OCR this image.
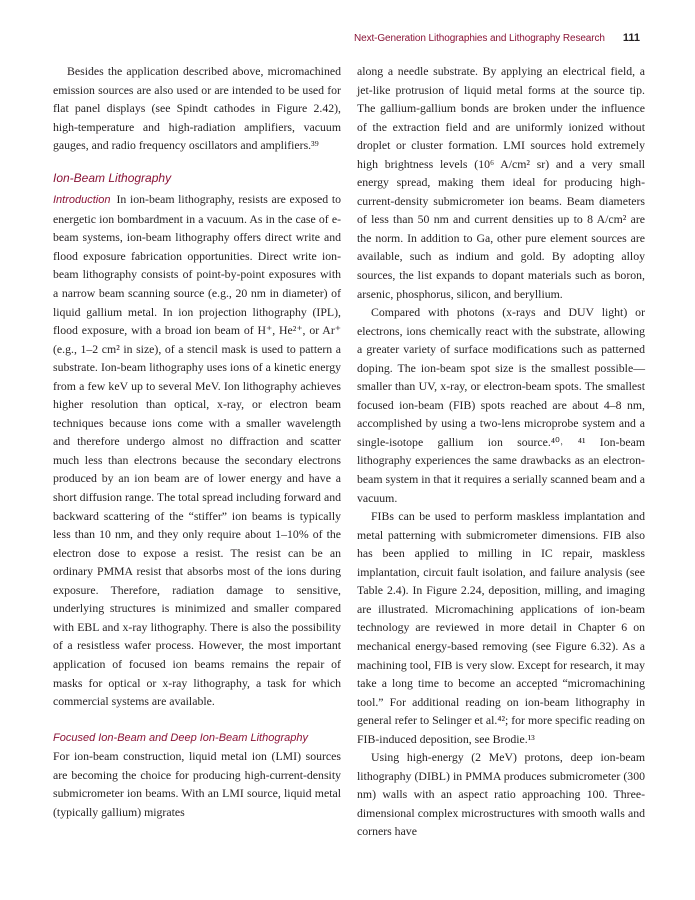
Next-Generation Lithographies and Lithography Research 111

Besides the application described above, micromachined emission sources are also used or are intended to be used for flat panel displays (see Spindt cathodes in Figure 2.42), high-temperature and high-radiation amplifiers, vacuum gauges, and radio frequency oscillators and amplifiers.³⁹

Ion-Beam Lithography

Introduction In ion-beam lithography, resists are exposed to energetic ion bombardment in a vacuum. As in the case of e-beam systems, ion-beam lithography offers direct write and flood exposure fabrication opportunities. Direct write ion-beam lithography consists of point-by-point exposures with a narrow beam scanning source (e.g., 20 nm in diameter) of liquid gallium metal. In ion projection lithography (IPL), flood exposure, with a broad ion beam of H⁺, He²⁺, or Ar⁺ (e.g., 1–2 cm² in size), of a stencil mask is used to pattern a substrate. Ion-beam lithography uses ions of a kinetic energy from a few keV up to several MeV. Ion lithography achieves higher resolution than optical, x-ray, or electron beam techniques because ions come with a smaller wavelength and therefore undergo almost no diffraction and scatter much less than electrons because the secondary electrons produced by an ion beam are of lower energy and have a short diffusion range. The total spread including forward and backward scattering of the “stiffer” ion beams is typically less than 10 nm, and they only require about 1–10% of the electron dose to expose a resist. The resist can be an ordinary PMMA resist that absorbs most of the ions during exposure. Therefore, radiation damage to sensitive, underlying structures is minimized and smaller compared with EBL and x-ray lithography. There is also the possibility of a resistless wafer process. However, the most important application of focused ion beams remains the repair of masks for optical or x-ray lithography, a task for which commercial systems are available.

Focused Ion-Beam and Deep Ion-Beam Lithography

For ion-beam construction, liquid metal ion (LMI) sources are becoming the choice for producing high-current-density submicrometer ion beams. With an LMI source, liquid metal (typically gallium) migrates

along a needle substrate. By applying an electrical field, a jet-like protrusion of liquid metal forms at the source tip. The gallium-gallium bonds are broken under the influence of the extraction field and are uniformly ionized without droplet or cluster formation. LMI sources hold extremely high brightness levels (10⁶ A/cm² sr) and a very small energy spread, making them ideal for producing high-current-density submicrometer ion beams. Beam diameters of less than 50 nm and current densities up to 8 A/cm² are the norm. In addition to Ga, other pure element sources are available, such as indium and gold. By adopting alloy sources, the list expands to dopant materials such as boron, arsenic, phosphorus, silicon, and beryllium.

Compared with photons (x-rays and DUV light) or electrons, ions chemically react with the substrate, allowing a greater variety of surface modifications such as patterned doping. The ion-beam spot size is the smallest possible—smaller than UV, x-ray, or electron-beam spots. The smallest focused ion-beam (FIB) spots reached are about 4–8 nm, accomplished by using a two-lens microprobe system and a single-isotope gallium ion source.⁴⁰˒ ⁴¹ Ion-beam lithography experiences the same drawbacks as an electron-beam system in that it requires a serially scanned beam and a vacuum.

FIBs can be used to perform maskless implantation and metal patterning with submicrometer dimensions. FIB also has been applied to milling in IC repair, maskless implantation, circuit fault isolation, and failure analysis (see Table 2.4). In Figure 2.24, deposition, milling, and imaging are illustrated. Micromachining applications of ion-beam technology are reviewed in more detail in Chapter 6 on mechanical energy-based removing (see Figure 6.32). As a machining tool, FIB is very slow. Except for research, it may take a long time to become an accepted “micromachining tool.” For additional reading on ion-beam lithography in general refer to Selinger et al.⁴²; for more specific reading on FIB-induced deposition, see Brodie.¹³

Using high-energy (2 MeV) protons, deep ion-beam lithography (DIBL) in PMMA produces submicrometer (300 nm) walls with an aspect ratio approaching 100. Three-dimensional complex microstructures with smooth walls and corners have
